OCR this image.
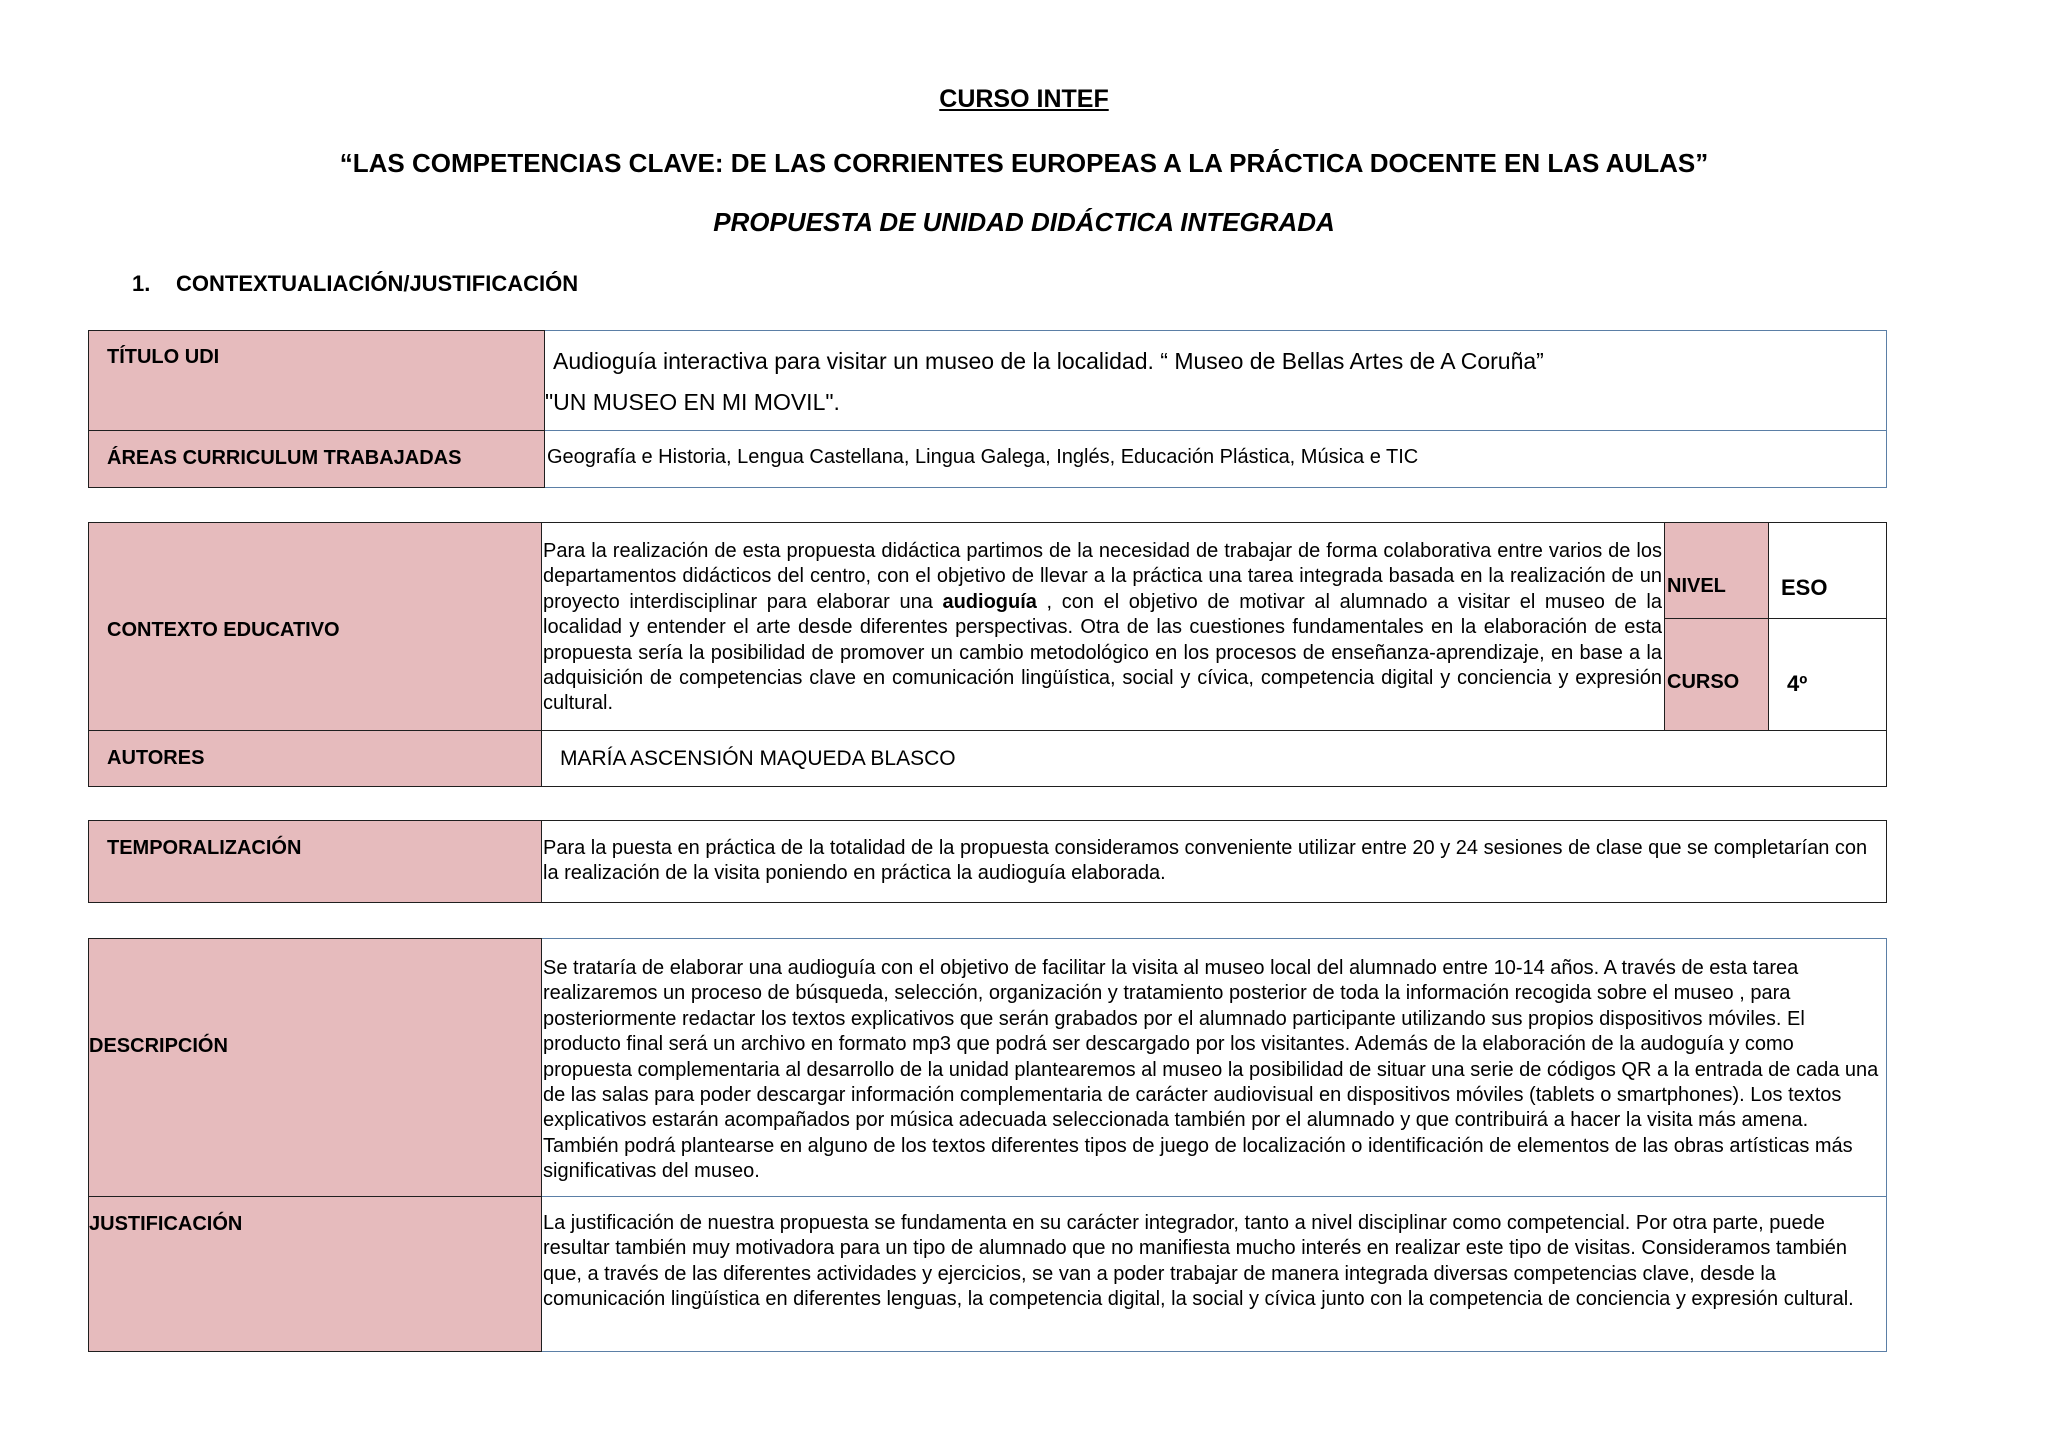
CURSO INTEF
“LAS COMPETENCIAS CLAVE: DE LAS CORRIENTES EUROPEAS A LA PRÁCTICA DOCENTE EN LAS AULAS”
PROPUESTA DE UNIDAD DIDÁCTICA INTEGRADA
1. CONTEXTUALIACIÓN/JUSTIFICACIÓN
TÍTULO UDI	Audioguía interactiva para visitar un museo de la localidad. “ Museo de Bellas Artes de A Coruña”
"UN MUSEO EN MI MOVIL".

ÁREAS CURRICULUM TRABAJADAS	Geografía e Historia, Lengua Castellana, Lingua Galega, Inglés, Educación Plástica, Música e TIC
CONTEXTO EDUCATIVO	Para la realización de esta propuesta didáctica partimos de la necesidad de trabajar de forma colaborativa entre varios de los departamentos didácticos del centro, con el objetivo de llevar a la práctica una tarea integrada basada en la realización de un proyecto interdisciplinar para elaborar una audioguía , con el objetivo de motivar al alumnado a visitar el museo de la localidad y entender el arte desde diferentes perspectivas. Otra de las cuestiones fundamentales en la elaboración de esta propuesta sería la posibilidad de promover un cambio metodológico en los procesos de enseñanza-aprendizaje, en base a la adquisición de competencias clave en comunicación lingüística, social y cívica, competencia digital y conciencia y expresión cultural.	NIVEL	ESO

		CURSO	4º

AUTORES	MARÍA ASCENSIÓN MAQUEDA BLASCO		
TEMPORALIZACIÓN	Para la puesta en práctica de la totalidad de la propuesta consideramos conveniente utilizar entre 20 y 24 sesiones de clase que se completarían con la realización de la visita poniendo en práctica la audioguía elaborada.
DESCRIPCIÓN	Se trataría de elaborar una audioguía con el objetivo de facilitar la visita al museo local del alumnado entre 10-14 años. A través de esta tarea realizaremos un proceso de búsqueda, selección, organización y tratamiento posterior de toda la información recogida sobre el museo , para posteriormente redactar los textos explicativos que serán grabados por el alumnado participante utilizando sus propios dispositivos móviles. El producto final será un archivo en formato mp3 que podrá ser descargado por los visitantes. Además de la elaboración de la audoguía y como propuesta complementaria al desarrollo de la unidad plantearemos al museo la posibilidad de situar una serie de códigos QR a la entrada de cada una de las salas para poder descargar información complementaria de carácter audiovisual en dispositivos móviles (tablets o smartphones). Los textos explicativos estarán acompañados por música adecuada seleccionada también por el alumnado y que contribuirá a hacer la visita más amena. También podrá plantearse en alguno de los textos diferentes tipos de juego de localización o identificación de elementos de las obras artísticas más significativas del museo.

JUSTIFICACIÓN	La justificación de nuestra propuesta se fundamenta en su carácter integrador, tanto a nivel disciplinar como competencial. Por otra parte, puede resultar también muy motivadora para un tipo de alumnado que no manifiesta mucho interés en realizar este tipo de visitas. Consideramos también que, a través de las diferentes actividades y ejercicios, se van a poder trabajar de manera integrada diversas competencias clave, desde la comunicación lingüística en diferentes lenguas, la competencia digital, la social y cívica junto con la competencia de conciencia y expresión cultural.
